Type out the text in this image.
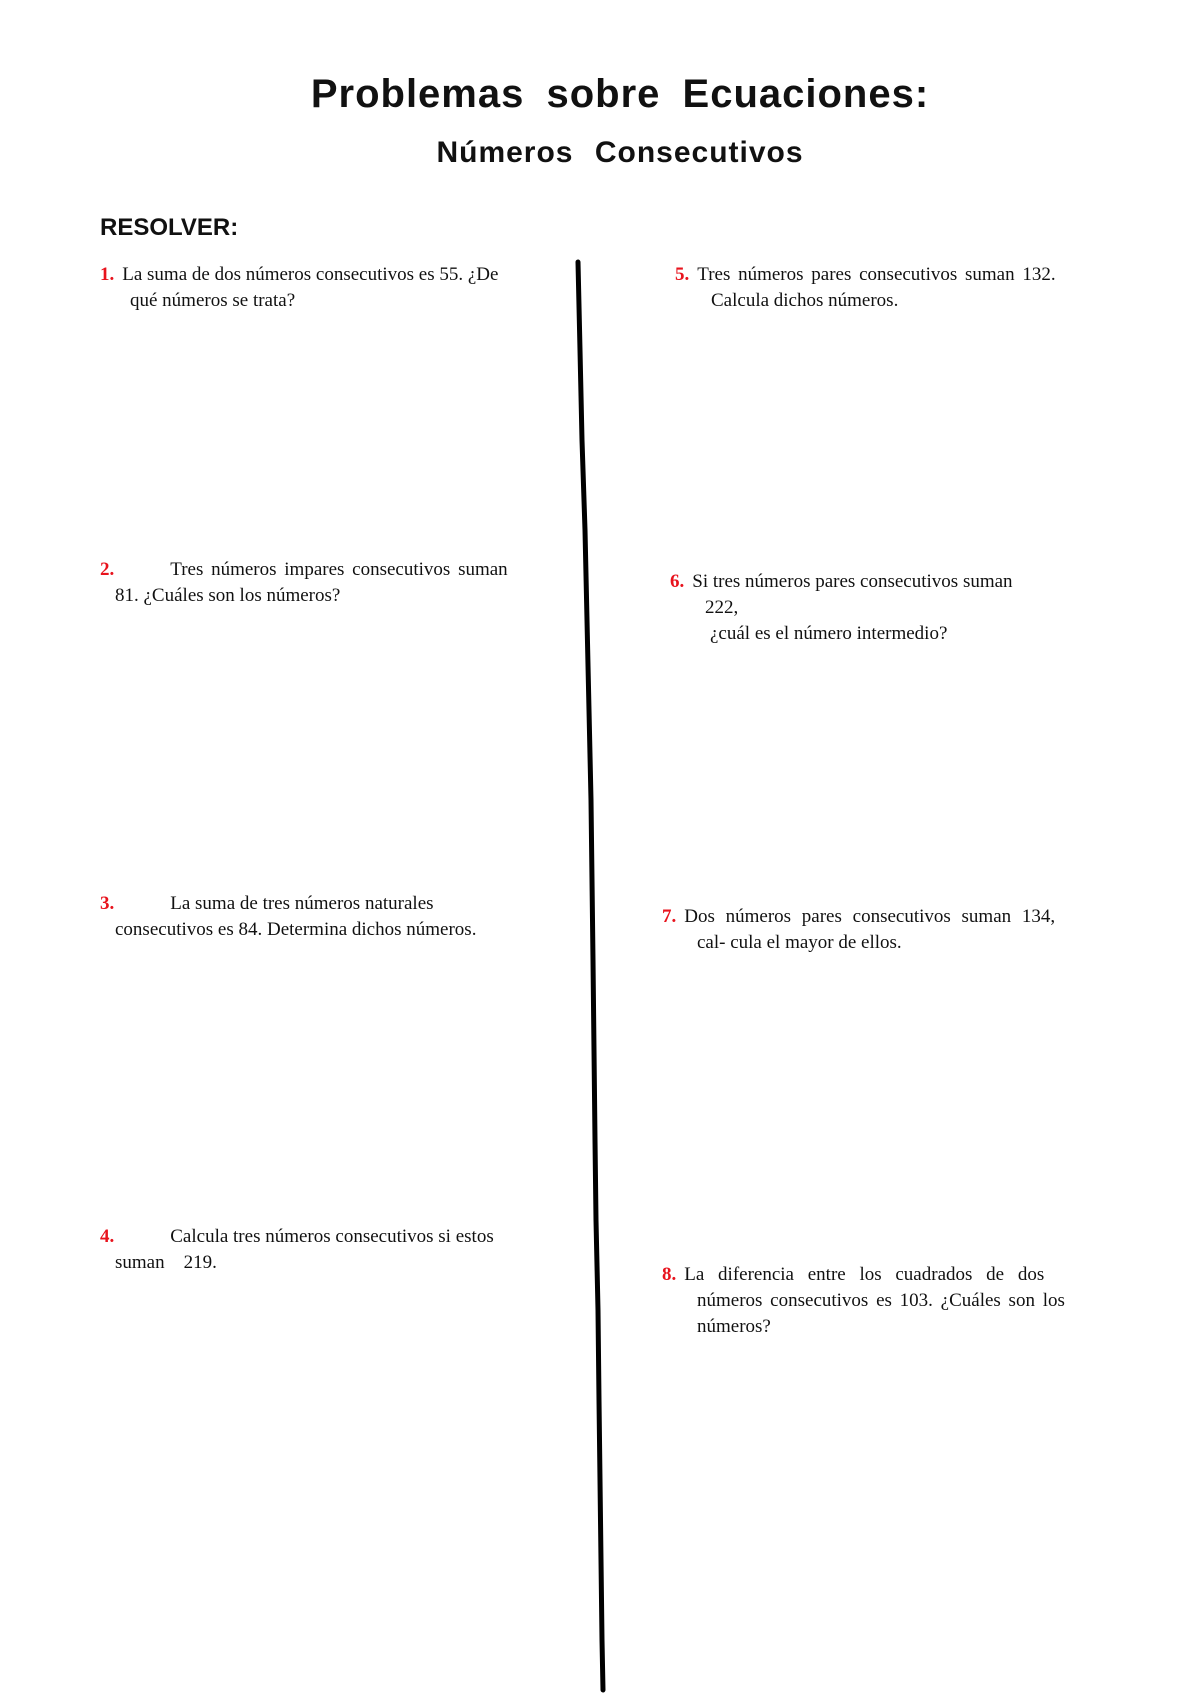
Problemas sobre Ecuaciones:
Números Consecutivos
RESOLVER:
1. La suma de dos números consecutivos es 55. ¿De
qué números se trata?
2.	Tres números impares consecutivos suman
81. ¿Cuáles son los números?
3.	La suma de tres números naturales
consecutivos es 84. Determina dichos números.
4.	Calcula tres números consecutivos si estos
suman    219.
5. Tres números pares consecutivos suman 132.
Calcula dichos números.
6. Si tres números pares consecutivos suman
222,
¿cuál es el número intermedio?
7. Dos números pares consecutivos suman 134,
cal- cula el mayor de ellos.
8. La diferencia entre los cuadrados de dos
números consecutivos es 103. ¿Cuáles son los
números?
